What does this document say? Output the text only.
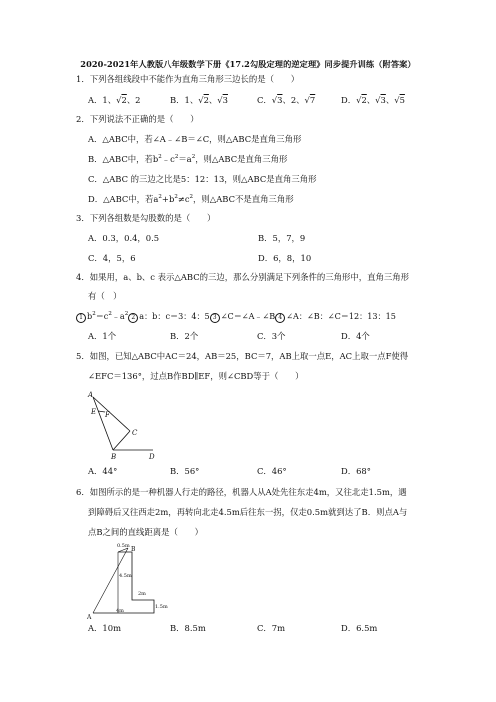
2020-2021年人教版八年级数学下册《17.2勾股定理的逆定理》同步提升训练（附答案）
1．下列各组线段中不能作为直角三角形三边长的是（　　）
A．1、√2、2	B．1、√2、√3	C．√3、2、√7	D．√2、√3、√5
2．下列说法不正确的是（　　）
A．△ABC中，若∠A﹣∠B＝∠C，则△ABC是直角三角形
B．△ABC中，若$b^2﹣c^2=a^2$，则△ABC是直角三角形
C．△ABC 的三边之比是5：12：13，则△ABC是直角三角形
D．△ABC中，若$a^2+b^2\ne c^2$，则△ABC不是直角三角形
3．下列各组数是勾股数的是（　　）
A．0.3，0.4，0.5	B．5，7，9
C．4，5，6	D．6，8，10
4．如果用，a、b、c 表示△ABC的三边，那么分别满足下列条件的三角形中，直角三角形
有（　）
1 $b^2=c^2﹣a^2$ 2 a：b：c＝3：4：5 3 ∠C＝∠A﹣∠B 4 ∠A：∠B：∠C＝12：13：15
A．1个	B．2个	C．3个	D．4个
5．如图，已知△ABC中AC＝24，AB＝25，BC＝7，AB上取一点E，AC上取一点F使得
∠EFC＝136°，过点B作BD∥EF，则∠CBD等于（　　）
A
E F
C
B	D
A．44°	B．56°	C．46°	D．68°
6．如图所示的是一种机器人行走的路径，机器人从A处先往东走4m，又往北走1.5m，遇
到障碍后又往西走2m，再转向北走4.5m后往东一拐，仅走0.5m就到达了B．则点A与
点B之间的直线距离是（　　）
0.5m B
4.5m
2m
1.5m
4m
A
A．10m	B．8.5m	C．7m	D．6.5m
